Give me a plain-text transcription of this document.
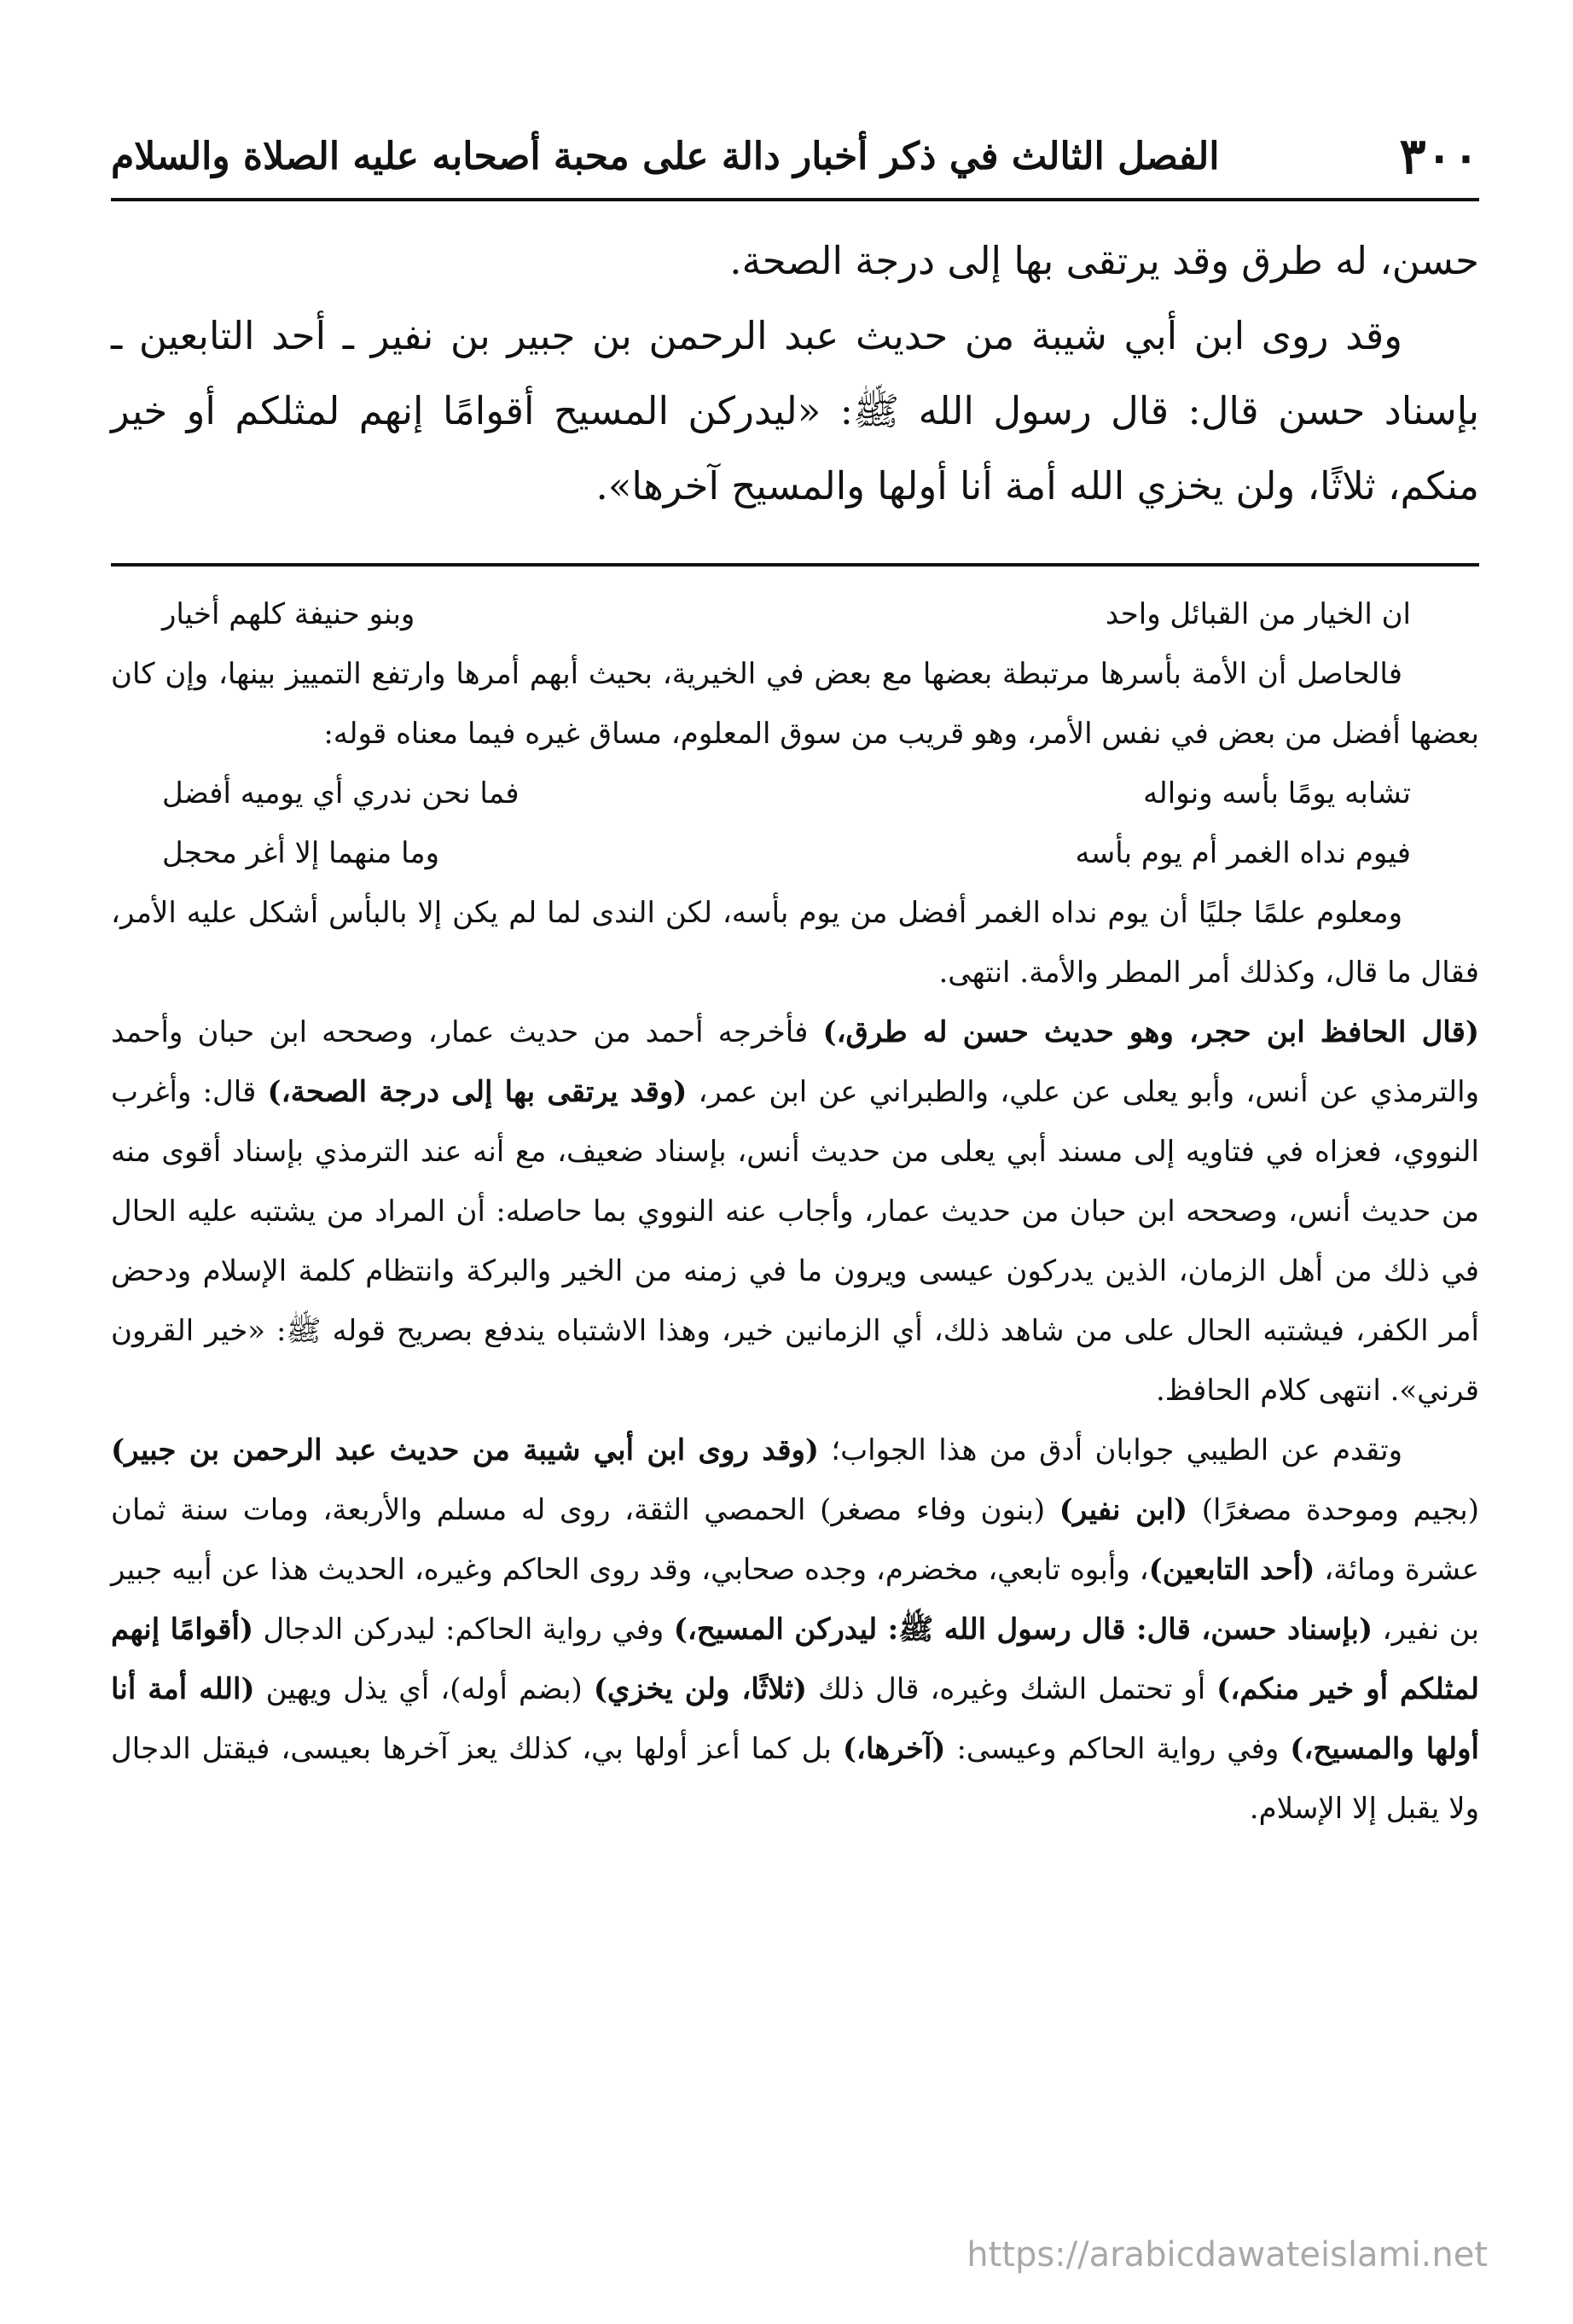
٣٠٠
الفصل الثالث في ذكر أخبار دالة على محبة أصحابه عليه الصلاة والسلام

حسن، له طرق وقد يرتقى بها إلى درجة الصحة.

وقد روى ابن أبي شيبة من حديث عبد الرحمن بن جبير بن نفير ـ أحد التابعين ـ بإسناد حسن قال: قال رسول الله ﷺ: «ليدركن المسيح أقوامًا إنهم لمثلكم أو خير منكم، ثلاثًا، ولن يخزي الله أمة أنا أولها والمسيح آخرها».

ان الخيار من القبائل واحد
وبنو حنيفة كلهم أخيار

فالحاصل أن الأمة بأسرها مرتبطة بعضها مع بعض في الخيرية، بحيث أبهم أمرها وارتفع التمييز بينها، وإن كان بعضها أفضل من بعض في نفس الأمر، وهو قريب من سوق المعلوم، مساق غيره فيما معناه قوله:

تشابه يومًا بأسه ونواله
فما نحن ندري أي يوميه أفضل
فيوم نداه الغمر أم يوم بأسه
وما منهما إلا أغر محجل

ومعلوم علمًا جليًا أن يوم نداه الغمر أفضل من يوم بأسه، لكن الندى لما لم يكن إلا بالبأس أشكل عليه الأمر، فقال ما قال، وكذلك أمر المطر والأمة. انتهى.

(قال الحافظ ابن حجر، وهو حديث حسن له طرق،) فأخرجه أحمد من حديث عمار، وصححه ابن حبان وأحمد والترمذي عن أنس، وأبو يعلى عن علي، والطبراني عن ابن عمر، (وقد يرتقى بها إلى درجة الصحة،) قال: وأغرب النووي، فعزاه في فتاويه إلى مسند أبي يعلى من حديث أنس، بإسناد ضعيف، مع أنه عند الترمذي بإسناد أقوى منه من حديث أنس، وصححه ابن حبان من حديث عمار، وأجاب عنه النووي بما حاصله: أن المراد من يشتبه عليه الحال في ذلك من أهل الزمان، الذين يدركون عيسى ويرون ما في زمنه من الخير والبركة وانتظام كلمة الإسلام ودحض أمر الكفر، فيشتبه الحال على من شاهد ذلك، أي الزمانين خير، وهذا الاشتباه يندفع بصريح قوله ﷺ: «خير القرون قرني». انتهى كلام الحافظ.

وتقدم عن الطيبي جوابان أدق من هذا الجواب؛ (وقد روى ابن أبي شيبة من حديث عبد الرحمن بن جبير) (بجيم وموحدة مصغرًا) (ابن نفير) (بنون وفاء مصغر) الحمصي الثقة، روى له مسلم والأربعة، ومات سنة ثمان عشرة ومائة، (أحد التابعين)، وأبوه تابعي، مخضرم، وجده صحابي، وقد روى الحاكم وغيره، الحديث هذا عن أبيه جبير بن نفير، (بإسناد حسن، قال: قال رسول الله ﷺ: ليدركن المسيح،) وفي رواية الحاكم: ليدركن الدجال (أقوامًا إنهم لمثلكم أو خير منكم،) أو تحتمل الشك وغيره، قال ذلك (ثلاثًا، ولن يخزي) (بضم أوله)، أي يذل ويهين (الله أمة أنا أولها والمسيح،) وفي رواية الحاكم وعيسى: (آخرها،) بل كما أعز أولها بي، كذلك يعز آخرها بعيسى، فيقتل الدجال ولا يقبل إلا الإسلام.

https://arabicdawateislami.net
